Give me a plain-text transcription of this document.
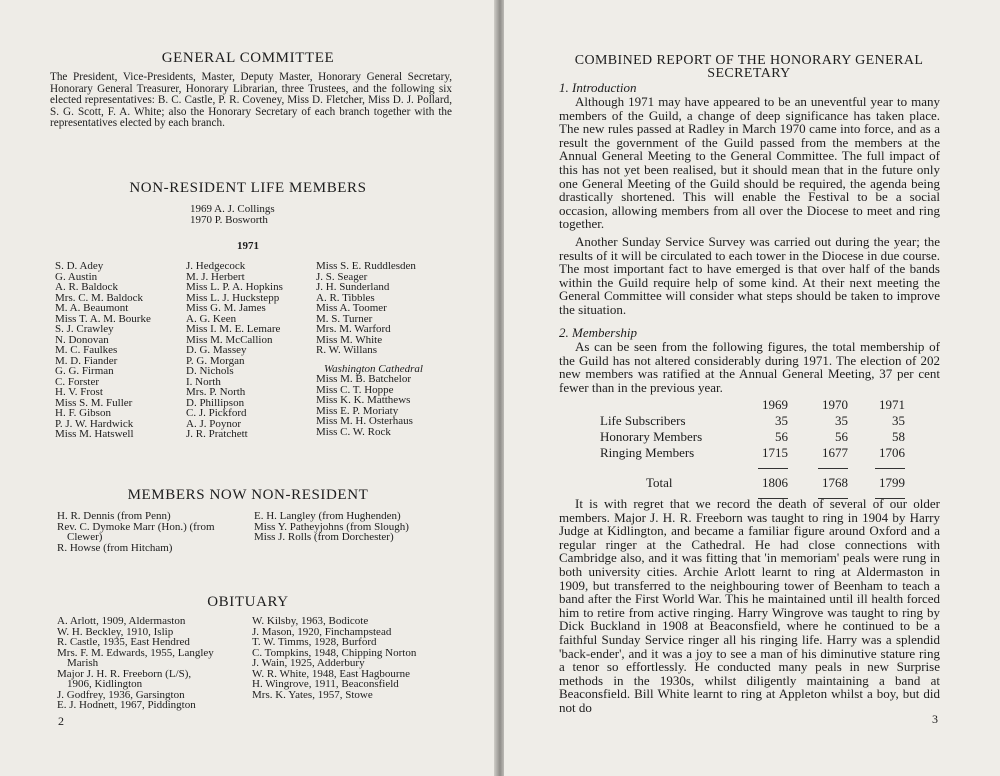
GENERAL COMMITTEE

The President, Vice-Presidents, Master, Deputy Master, Honorary General Secretary, Honorary General Treasurer, Honorary Librarian, three Trustees, and the following six elected representatives: B. C. Castle, P. R. Coveney, Miss D. Fletcher, Miss D. J. Pollard, S. G. Scott, F. A. White; also the Honorary Secretary of each branch together with the representatives elected by each branch.

NON-RESIDENT LIFE MEMBERS
1969 A. J. Collings
1970 P. Bosworth
1971
S. D. Adey
G. Austin
A. R. Baldock
Mrs. C. M. Baldock
M. A. Beaumont
Miss T. A. M. Bourke
S. J. Crawley
N. Donovan
M. C. Faulkes
M. D. Fiander
G. G. Firman
C. Forster
H. V. Frost
Miss S. M. Fuller
H. F. Gibson
P. J. W. Hardwick
Miss M. Hatswell
J. Hedgecock
M. J. Herbert
Miss L. P. A. Hopkins
Miss L. J. Huckstepp
Miss G. M. James
A. G. Keen
Miss I. M. E. Lemare
Miss M. McCallion
D. G. Massey
P. G. Morgan
D. Nichols
I. North
Mrs. P. North
D. Phillipson
C. J. Pickford
A. J. Poynor
J. R. Pratchett
Miss S. E. Ruddlesden
J. S. Seager
J. H. Sunderland
A. R. Tibbles
Miss A. Toomer
M. S. Turner
Mrs. M. Warford
Miss M. White
R. W. Willans
Washington Cathedral
Miss M. B. Batchelor
Miss C. T. Hoppe
Miss K. K. Matthews
Miss E. P. Moriaty
Miss M. H. Osterhaus
Miss C. W. Rock
MEMBERS NOW NON-RESIDENT
H. R. Dennis (from Penn)
Rev. C. Dymoke Marr (Hon.) (from
Clewer)
R. Howse (from Hitcham)
E. H. Langley (from Hughenden)
Miss Y. Patheyjohns (from Slough)
Miss J. Rolls (from Dorchester)
OBITUARY
A. Arlott, 1909, Aldermaston
W. H. Beckley, 1910, Islip
R. Castle, 1935, East Hendred
Mrs. F. M. Edwards, 1955, Langley
Marish
Major J. H. R. Freeborn (L/S),
1906, Kidlington
J. Godfrey, 1936, Garsington
E. J. Hodnett, 1967, Piddington
W. Kilsby, 1963, Bodicote
J. Mason, 1920, Finchampstead
T. W. Timms, 1928, Burford
C. Tompkins, 1948, Chipping Norton
J. Wain, 1925, Adderbury
W. R. White, 1948, East Hagbourne
H. Wingrove, 1911, Beaconsfield
Mrs. K. Yates, 1957, Stowe
2
COMBINED REPORT OF THE HONORARY GENERAL
SECRETARY
1. Introduction

Although 1971 may have appeared to be an uneventful year to many members of the Guild, a change of deep significance has taken place. The new rules passed at Radley in March 1970 came into force, and as a result the government of the Guild passed from the members at the Annual General Meeting to the General Committee. The full impact of this has not yet been realised, but it should mean that in the future only one General Meeting of the Guild should be required, the agenda being drastically shortened. This will enable the Festival to be a social occasion, allowing members from all over the Diocese to meet and ring together.

Another Sunday Service Survey was carried out during the year; the results of it will be circulated to each tower in the Diocese in due course. The most important fact to have emerged is that over half of the bands within the Guild require help of some kind. At their next meeting the General Committee will consider what steps should be taken to improve the situation.

2. Membership

As can be seen from the following figures, the total membership of the Guild has not altered considerably during 1971. The election of 202 new members was ratified at the Annual General Meeting, 37 per cent fewer than in the previous year.

	1969	1970	1971
Life Subscribers	35	35	35
Honorary Members	56	56	58
Ringing Members	1715	1677	1706

Total	1806	1768	1799

It is with regret that we record the death of several of our older members. Major J. H. R. Freeborn was taught to ring in 1904 by Harry Judge at Kidlington, and became a familiar figure around Oxford and a regular ringer at the Cathedral. He had close connections with Cambridge also, and it was fitting that 'in memoriam' peals were rung in both university cities. Archie Arlott learnt to ring at Aldermaston in 1909, but transferred to the neighbouring tower of Beenham to teach a band after the First World War. This he maintained until ill health forced him to retire from active ringing. Harry Wingrove was taught to ring by Dick Buckland in 1908 at Beaconsfield, where he continued to be a faithful Sunday Service ringer all his ringing life. Harry was a splendid 'back-ender', and it was a joy to see a man of his diminutive stature ring a tenor so effortlessly. He conducted many peals in new Surprise methods in the 1930s, whilst diligently maintaining a band at Beaconsfield. Bill White learnt to ring at Appleton whilst a boy, but did not do

3
